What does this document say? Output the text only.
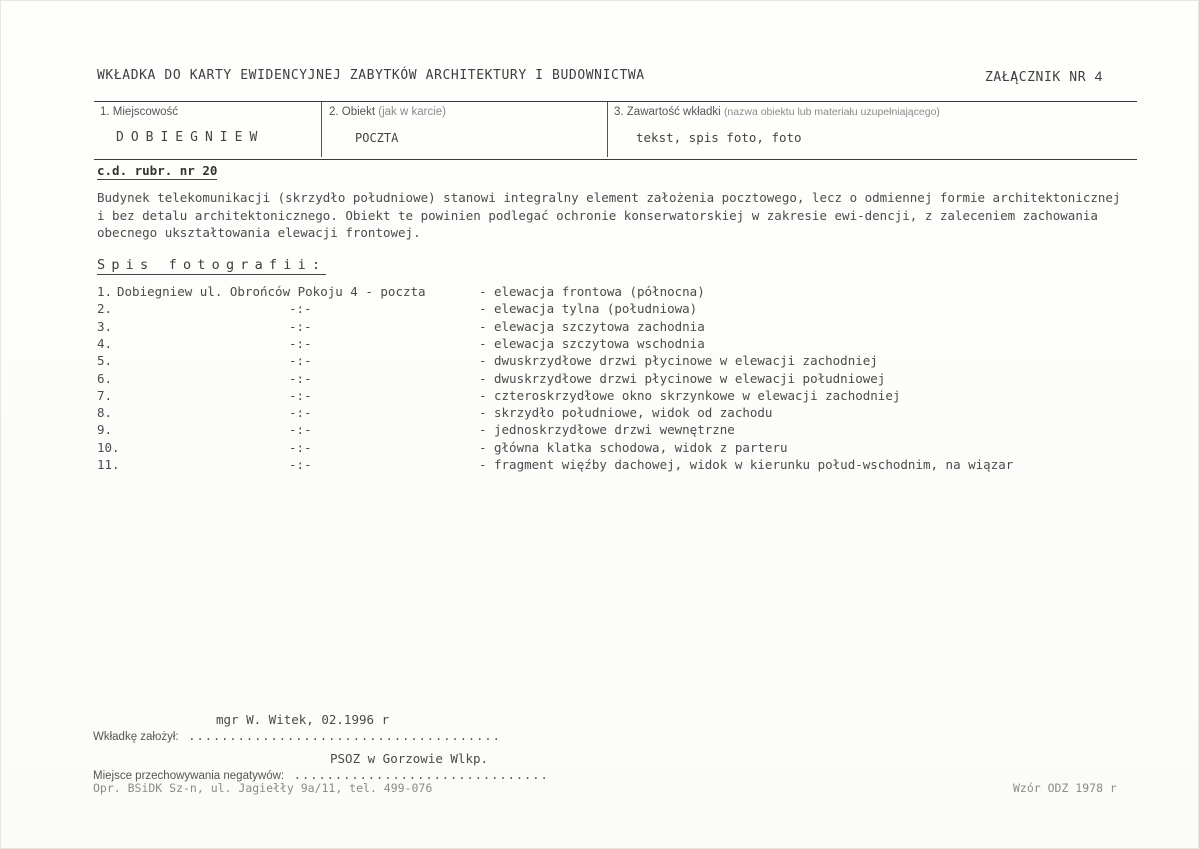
WKŁADKA DO KARTY EWIDENCYJNEJ ZABYTKÓW ARCHITEKTURY I BUDOWNICTWA	ZAŁĄCZNIK NR 4
1. Miejscowość
DOBIEGNIEW
2. Obiekt (jak w karcie)
POCZTA
3. Zawartość wkładki (nazwa obiektu lub materiału uzupełniającego)
tekst, spis foto, foto
c.d. rubr. nr 20
Budynek telekomunikacji (skrzydło południowe) stanowi integralny element założenia pocztowego, lecz o odmiennej formie architektonicznej i bez detalu architektonicznego. Obiekt te powinien podlegać ochronie konserwatorskiej w zakresie ewi-dencji, z zaleceniem zachowania obecnego ukształtowania elewacji frontowej.
Spis fotografii:
1. Dobiegniew ul. Obrońców Pokoju 4 - poczta	- elewacja frontowa (północna)
2.	-:-	- elewacja tylna (południowa)
3.	-:-	- elewacja szczytowa zachodnia
4.	-:-	- elewacja szczytowa wschodnia
5.	-:-	- dwuskrzydłowe drzwi płycinowe w elewacji zachodniej
6.	-:-	- dwuskrzydłowe drzwi płycinowe w elewacji południowej
7.	-:-	- czteroskrzydłowe okno skrzynkowe w elewacji zachodniej
8.	-:-	- skrzydło południowe, widok od zachodu
9.	-:-	- jednoskrzydłowe drzwi wewnętrzne
10.	-:-	- główna klatka schodowa, widok z parteru
11.	-:-	- fragment więźby dachowej, widok w kierunku połud-wschodnim, na wiązar
mgr W. Witek, 02.1996 r
Wkładkę założył: ......................................
PSOZ w Gorzowie Wlkp.
Miejsce przechowywania negatywów: ...............................
Opr. BSiDK Sz-n, ul. Jagiełły 9a/11, tel. 499-076	Wzór ODZ 1978 r
